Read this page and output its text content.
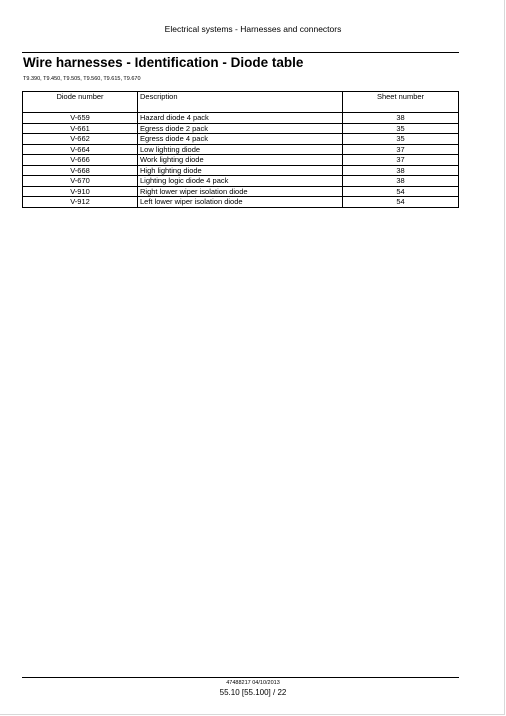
Electrical systems - Harnesses and connectors
Wire harnesses - Identification - Diode table
T9.390, T9.450, T9.505, T9.560, T9.615, T9.670
Diode number	Description	Sheet number
V-659	Hazard diode 4 pack	38
V-661	Egress diode 2 pack	35
V-662	Egress diode 4 pack	35
V-664	Low lighting diode	37
V-666	Work lighting diode	37
V-668	High lighting diode	38
V-670	Lighting logic diode 4 pack	38
V-910	Right lower wiper isolation diode	54
V-912	Left lower wiper isolation diode	54
47488217 04/10/2013
55.10 [55.100] / 22
